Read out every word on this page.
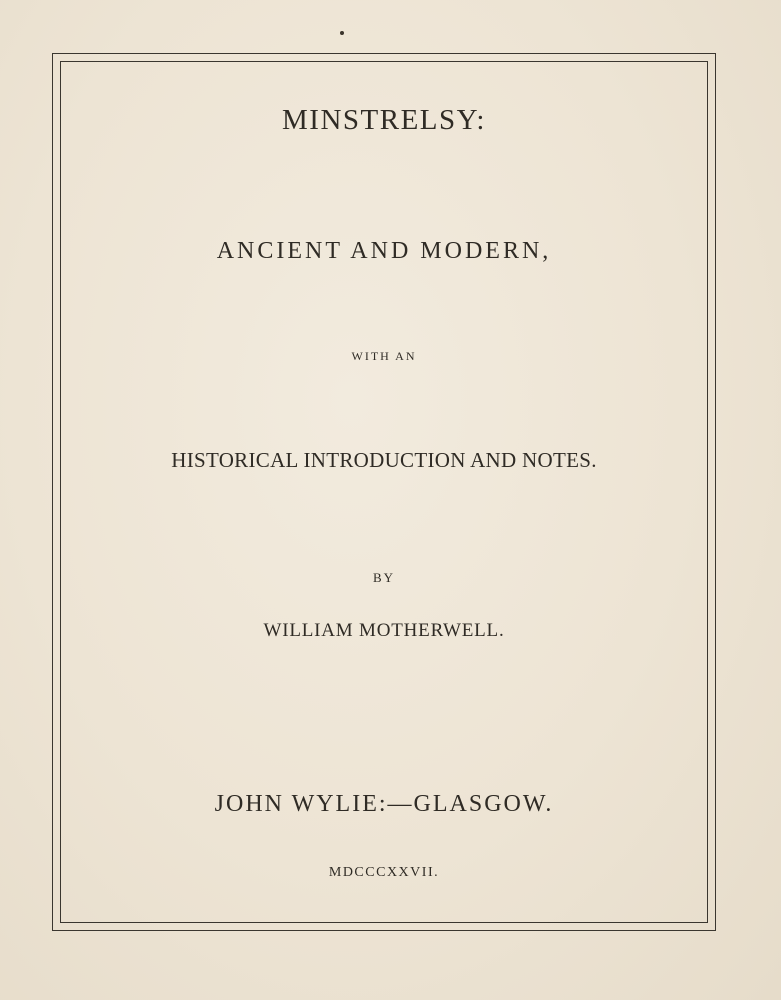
MINSTRELSY:
ANCIENT AND MODERN,
WITH AN
HISTORICAL INTRODUCTION AND NOTES.
BY
WILLIAM MOTHERWELL.
JOHN WYLIE:—GLASGOW.
MDCCCXXVII.
